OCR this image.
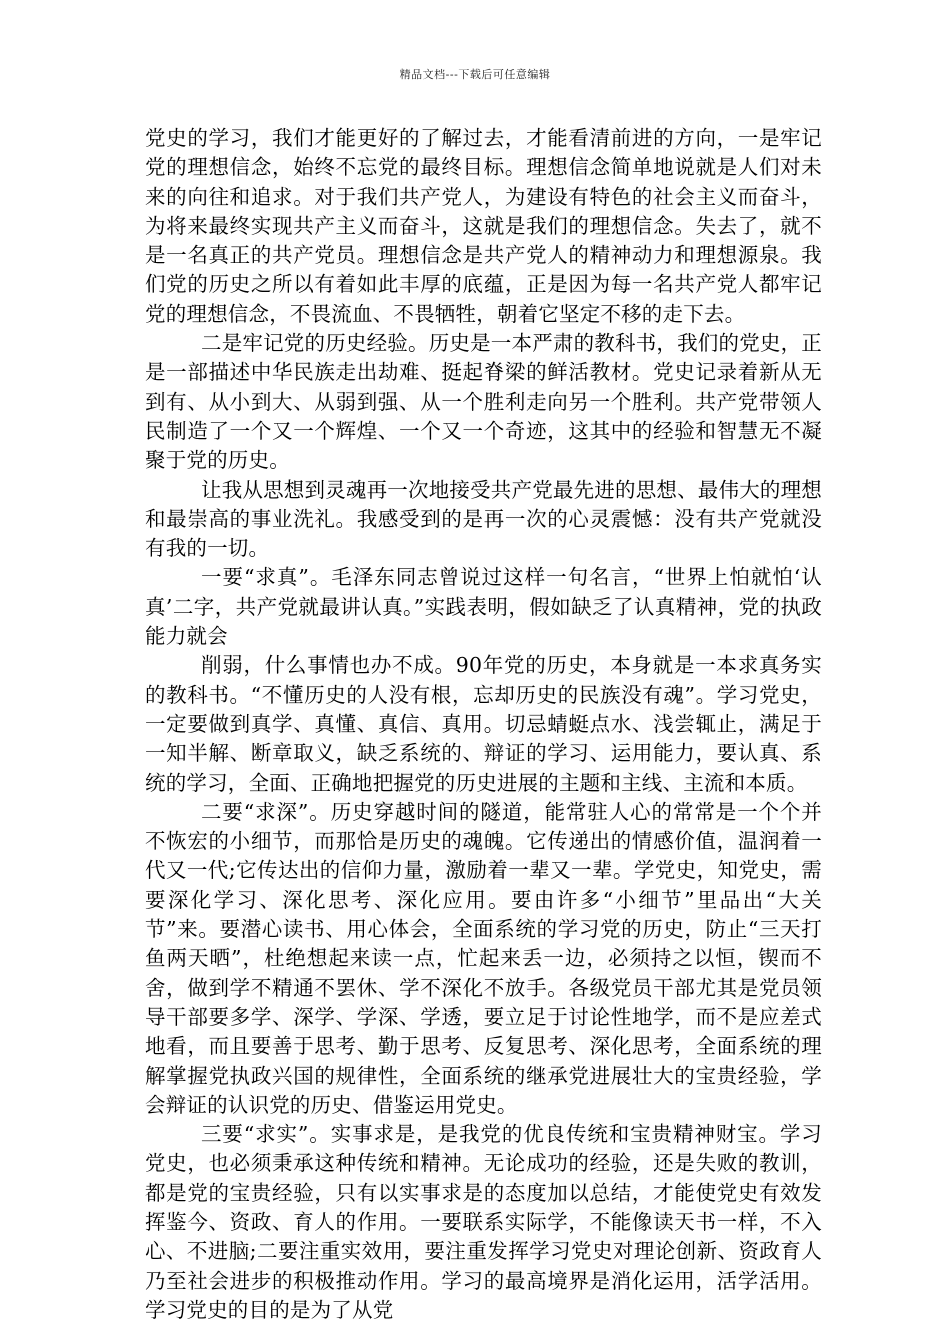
精品文档---下载后可任意编辑

党史的学习，我们才能更好的了解过去，才能看清前进的方向，一是牢记党的理想信念，始终不忘党的最终目标。理想信念简单地说就是人们对未来的向往和追求。对于我们共产党人，为建设有特色的社会主义而奋斗，为将来最终实现共产主义而奋斗，这就是我们的理想信念。失去了，就不是一名真正的共产党员。理想信念是共产党人的精神动力和理想源泉。我们党的历史之所以有着如此丰厚的底蕴，正是因为每一名共产党人都牢记党的理想信念，不畏流血、不畏牺牲，朝着它坚定不移的走下去。

二是牢记党的历史经验。历史是一本严肃的教科书，我们的党史，正是一部描述中华民族走出劫难、挺起脊梁的鲜活教材。党史记录着新从无到有、从小到大、从弱到强、从一个胜利走向另一个胜利。共产党带领人民制造了一个又一个辉煌、一个又一个奇迹，这其中的经验和智慧无不凝聚于党的历史。

让我从思想到灵魂再一次地接受共产党最先进的思想、最伟大的理想和最崇高的事业洗礼。我感受到的是再一次的心灵震憾：没有共产党就没有我的一切。

一要“求真”。毛泽东同志曾说过这样一句名言，“世界上怕就怕‘认真’二字，共产党就最讲认真。”实践表明，假如缺乏了认真精神，党的执政能力就会

削弱，什么事情也办不成。90年党的历史，本身就是一本求真务实的教科书。“不懂历史的人没有根，忘却历史的民族没有魂”。学习党史，一定要做到真学、真懂、真信、真用。切忌蜻蜓点水、浅尝辄止，满足于一知半解、断章取义，缺乏系统的、辩证的学习、运用能力，要认真、系统的学习，全面、正确地把握党的历史进展的主题和主线、主流和本质。

二要“求深”。历史穿越时间的隧道，能常驻人心的常常是一个个并不恢宏的小细节，而那恰是历史的魂魄。它传递出的情感价值，温润着一代又一代;它传达出的信仰力量，激励着一辈又一辈。学党史，知党史，需要深化学习、深化思考、深化应用。要由许多“小细节”里品出“大关节”来。要潜心读书、用心体会，全面系统的学习党的历史，防止“三天打鱼两天晒”，杜绝想起来读一点，忙起来丢一边，必须持之以恒，锲而不舍，做到学不精通不罢休、学不深化不放手。各级党员干部尤其是党员领导干部要多学、深学、学深、学透，要立足于讨论性地学，而不是应差式地看，而且要善于思考、勤于思考、反复思考、深化思考，全面系统的理解掌握党执政兴国的规律性，全面系统的继承党进展壮大的宝贵经验，学会辩证的认识党的历史、借鉴运用党史。

三要“求实”。实事求是，是我党的优良传统和宝贵精神财宝。学习党史，也必须秉承这种传统和精神。无论成功的经验，还是失败的教训，都是党的宝贵经验，只有以实事求是的态度加以总结，才能使党史有效发挥鉴今、资政、育人的作用。一要联系实际学，不能像读天书一样，不入心、不进脑;二要注重实效用，要注重发挥学习党史对理论创新、资政育人乃至社会进步的积极推动作用。学习的最高境界是消化运用，活学活用。学习党史的目的是为了从党
